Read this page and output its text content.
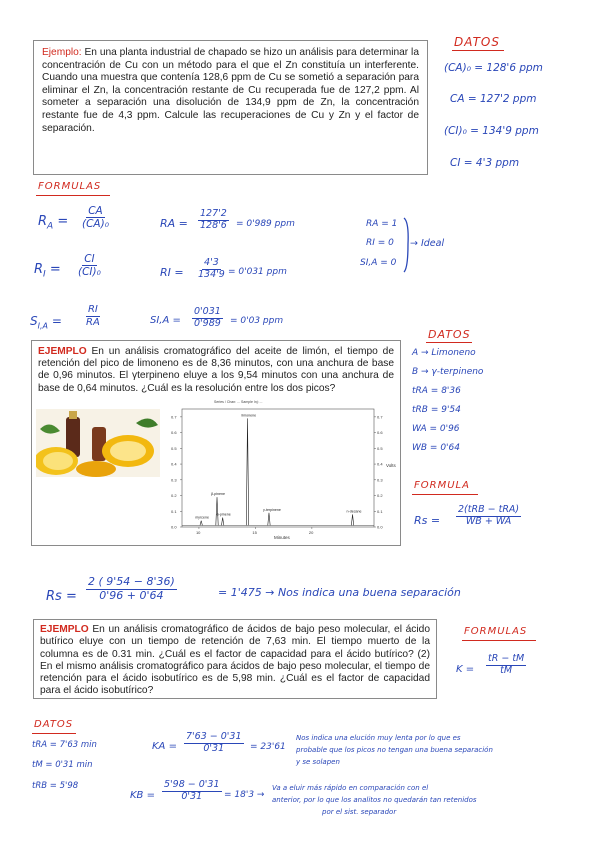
Ejemplo: En una planta industrial de chapado se hizo un análisis para determinar la concentración de Cu con un método para el que el Zn constituía un interferente. Cuando una muestra que contenía 128,6 ppm de Cu se sometió a separación para eliminar el Zn, la concentración restante de Cu recuperada fue de 127,2 ppm. Al someter a separación una disolución de 134,9 ppm de Zn, la concentración restante fue de 4,3 ppm. Calcule las recuperaciones de Cu y Zn y el factor de separación.

DATOS
(CA)₀ = 128'6 ppm
CA = 127'2 ppm
(CI)₀ = 134'9 ppm
CI = 4'3 ppm
FORMULAS
$R_A = \frac{CA}{\text{(CA)₀}}$
$R_I = \frac{CI}{\text{(CI)₀}}$
$S_{I,A} = \frac{RI}{RA}$
RA = $\frac{127'2}{128'6} = 0'989$ ppm
RI = $\frac{4'3}{134'9} = 0'031$ ppm
$SI,A = \frac{0'031}{0'989} = 0'03$ ppm
RA = 1
RI = 0
SI,A = 0
→ Ideal

EJEMPLO En un análisis cromatográfico del aceite de limón, el tiempo de retención del pico de limoneno es de 8,36 minutos, con una anchura de base de 0,96 minutos. El γterpineno eluye a los 9,54 minutos con una anchura de base de 0,64 minutos. ¿Cuál es la resolución entre los dos picos?

Series / Chan: ... Sample Inj: ...
0.0	0.0
0.1	0.1
0.2	0.2
0.3	0.3
0.4	0.4
0.5	0.5
0.6	0.6
0.7	0.7
10	15	20
myrcene
β-pinene
α-pinene
limonene
γ-terpinene	n-decane
Minutes
Volts
DATOS
A → Limoneno
B → γ-terpineno
tRA = 8'36
tRB = 9'54
WA = 0'96
WB = 0'64
FORMULA
Rs =
2(tRB − tRA)
WB + WA
$Rs = \frac{2 ( 9'54 - 8'36)}{0'96 + 0'64}$	= 1'475 → Nos indica una buena separación

EJEMPLO En un análisis cromatográfico de ácidos de bajo peso molecular, el ácido butírico eluye con un tiempo de retención de 7,63 min. El tiempo muerto de la columna es de 0.31 min. ¿Cuál es el factor de capacidad para el ácido butírico? (2) En el mismo análisis cromatográfico para ácidos de bajo peso molecular, el tiempo de retención para el ácido isobutírico es de 5,98 min. ¿Cuál es el factor de capacidad para el ácido isobutírico?

FORMULAS
$K = \frac{tR - tM}{tM}$
DATOS
tRA = 7'63 min
tM = 0'31 min
tRB = 5'98
KA = $\frac{7'63 - 0'31}{0'31} = 23'61$
Nos indica una elución muy lenta por lo que es
probable que los picos no tengan una buena separación
y se solapen
KB = $\frac{5'98 - 0'31}{0'31} = 18'3$ →
Va a eluir más rápido en comparación con el
anterior, por lo que los analitos no quedarán tan retenidos
por el sist. separador
